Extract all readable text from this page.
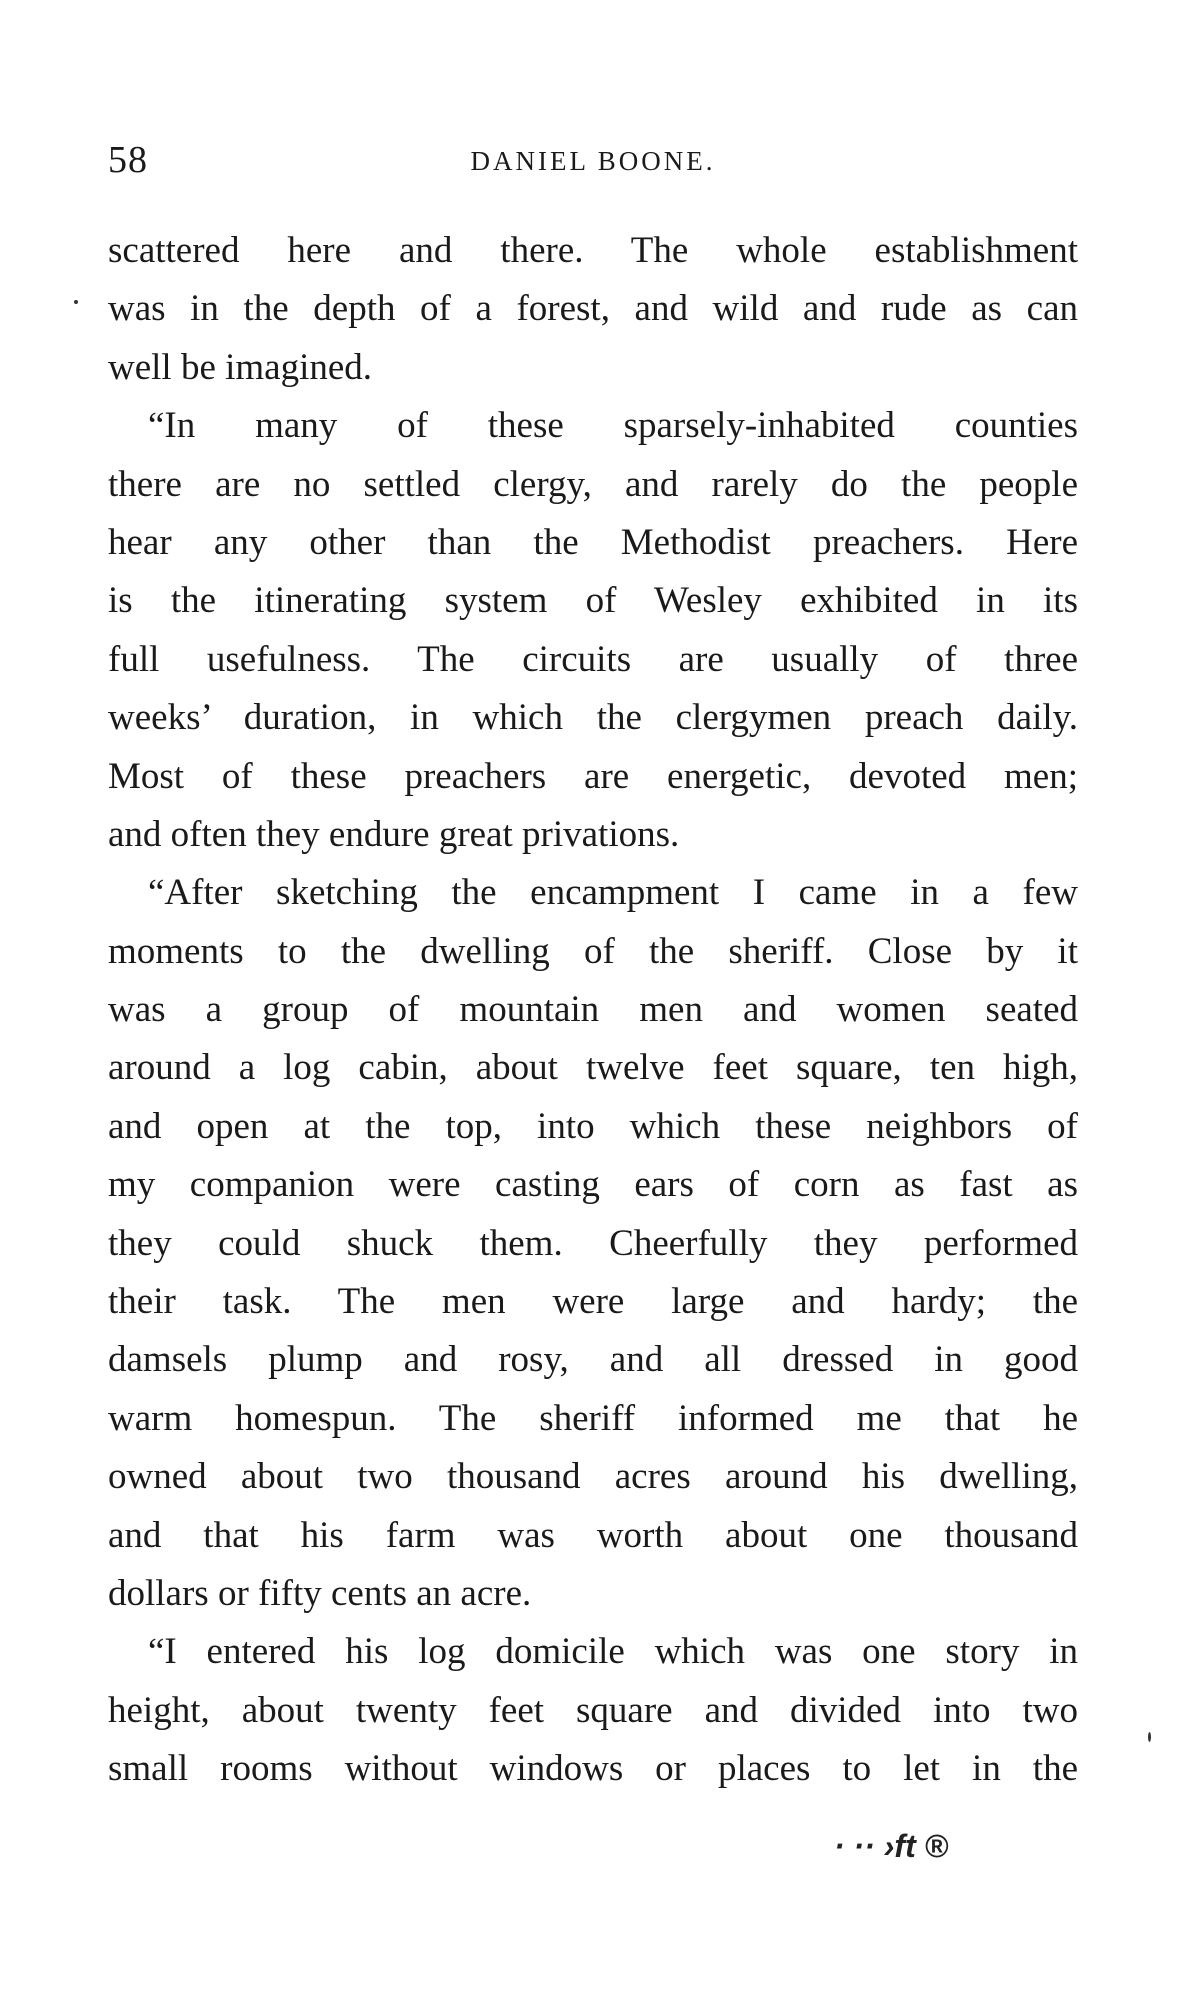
58	DANIEL BOONE.
scattered here and there. The whole establishment
was in the depth of a forest, and wild and rude as can
well be imagined.
“In many of these sparsely-inhabited counties
there are no settled clergy, and rarely do the people
hear any other than the Methodist preachers. Here
is the itinerating system of Wesley exhibited in its
full usefulness. The circuits are usually of three
weeks’ duration, in which the clergymen preach daily.
Most of these preachers are energetic, devoted men;
and often they endure great privations.
“After sketching the encampment I came in a few
moments to the dwelling of the sheriff. Close by it
was a group of mountain men and women seated
around a log cabin, about twelve feet square, ten high,
and open at the top, into which these neighbors of
my companion were casting ears of corn as fast as
they could shuck them. Cheerfully they performed
their task. The men were large and hardy; the
damsels plump and rosy, and all dressed in good
warm homespun. The sheriff informed me that he
owned about two thousand acres around his dwelling,
and that his farm was worth about one thousand
dollars or fifty cents an acre.
“I entered his log domicile which was one story in
height, about twenty feet square and divided into two
small rooms without windows or places to let in the
· ·· ›ft ®
